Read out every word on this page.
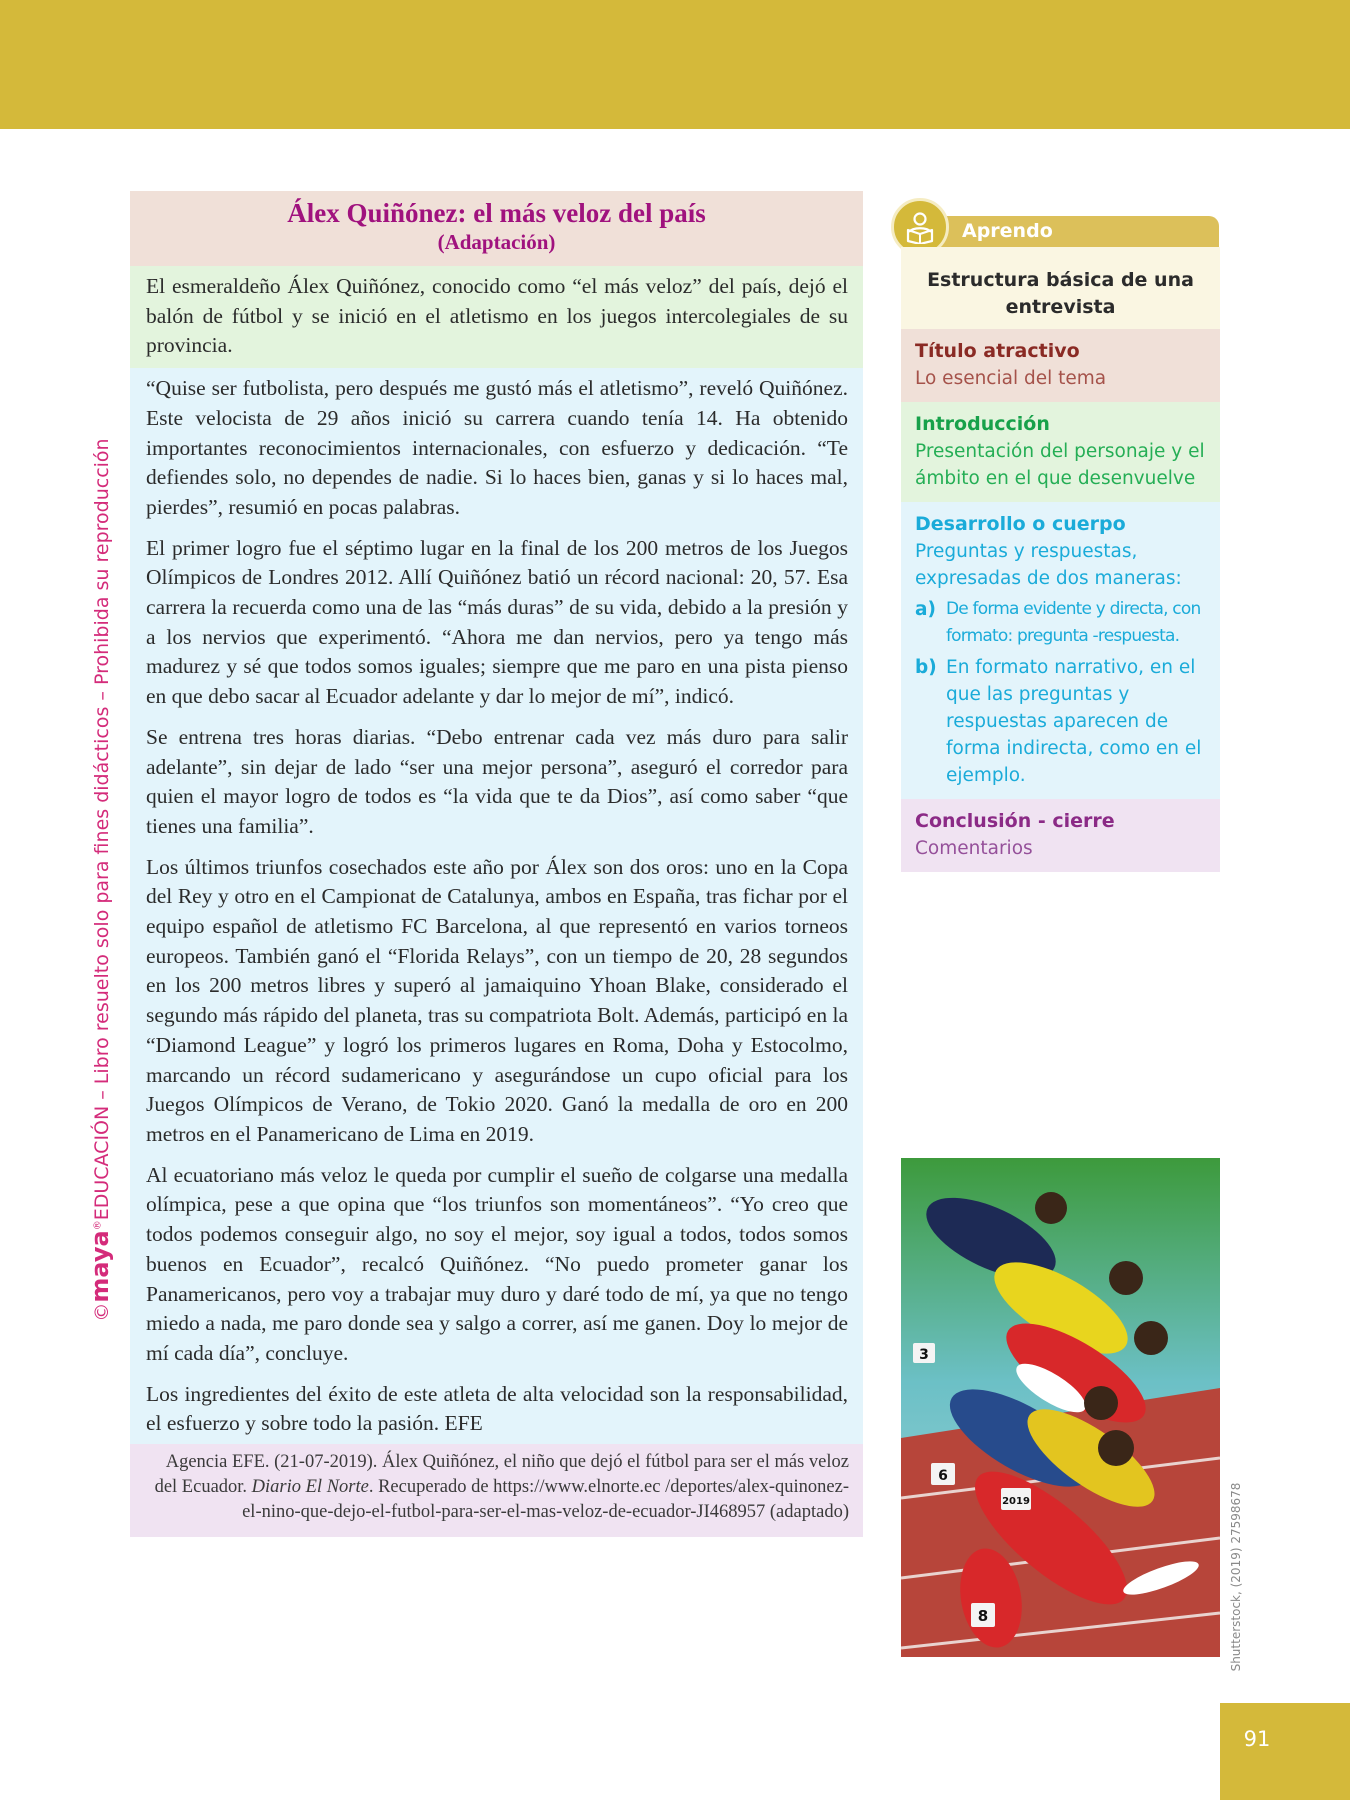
©maya®EDUCACIÓN – Libro resuelto solo para fines didácticos – Prohibida su reproducción
Álex Quiñónez: el más veloz del país
(Adaptación)

El esmeraldeño Álex Quiñónez, conocido como “el más veloz” del país, dejó el balón de fútbol y se inició en el atletismo en los juegos intercolegiales de su provincia.

“Quise ser futbolista, pero después me gustó más el atletismo”, reveló Quiñónez. Este velocista de 29 años inició su carrera cuando tenía 14. Ha obtenido importantes reconocimientos internacionales, con esfuerzo y dedicación. “Te defiendes solo, no dependes de nadie. Si lo haces bien, ganas y si lo haces mal, pierdes”, resumió en pocas palabras.

El primer logro fue el séptimo lugar en la final de los 200 metros de los Juegos Olímpicos de Londres 2012. Allí Quiñónez batió un récord nacional: 20, 57. Esa carrera la recuerda como una de las “más duras” de su vida, debido a la presión y a los nervios que experimentó. “Ahora me dan nervios, pero ya tengo más madurez y sé que todos somos iguales; siempre que me paro en una pista pienso en que debo sacar al Ecuador adelante y dar lo mejor de mí”, indicó.

Se entrena tres horas diarias. “Debo entrenar cada vez más duro para salir adelante”, sin dejar de lado “ser una mejor persona”, aseguró el corredor para quien el mayor logro de todos es “la vida que te da Dios”, así como saber “que tienes una familia”.

Los últimos triunfos cosechados este año por Álex son dos oros: uno en la Copa del Rey y otro en el Campionat de Catalunya, ambos en España, tras fichar por el equipo español de atletismo FC Barcelona, al que representó en varios torneos europeos. También ganó el “Florida Relays”, con un tiempo de 20, 28 segundos en los 200 metros libres y superó al jamaiquino Yhoan Blake, considerado el segundo más rápido del planeta, tras su compatriota Bolt. Además, participó en la “Diamond League” y logró los primeros lugares en Roma, Doha y Estocolmo, marcando un récord sudamericano y asegurándose un cupo oficial para los Juegos Olímpicos de Verano, de Tokio 2020. Ganó la medalla de oro en 200 metros en el Panamericano de Lima en 2019.

Al ecuatoriano más veloz le queda por cumplir el sueño de colgarse una medalla olímpica, pese a que opina que “los triunfos son momentáneos”. “Yo creo que todos podemos conseguir algo, no soy el mejor, soy igual a todos, todos somos buenos en Ecuador”, recalcó Quiñónez. “No puedo prometer ganar los Panamericanos, pero voy a trabajar muy duro y daré todo de mí, ya que no tengo miedo a nada, me paro donde sea y salgo a correr, así me ganen. Doy lo mejor de mí cada día”, concluye.

Los ingredientes del éxito de este atleta de alta velocidad son la responsabilidad, el esfuerzo y sobre todo la pasión. EFE

Agencia EFE. (21-07-2019). Álex Quiñónez, el niño que dejó el fútbol para ser el más veloz del Ecuador. Diario El Norte. Recuperado de https://www.elnorte.ec /deportes/alex-quinonez-el-nino-que-dejo-el-futbol-para-ser-el-mas-veloz-de-ecuador-JI468957 (adaptado)
Aprendo
Estructura básica de una entrevista
Título atractivo
Lo esencial del tema
Introducción
Presentación del personaje y el ámbito en el que desenvuelve
Desarrollo o cuerpo
Preguntas y respuestas, expresadas de dos maneras:
a) De forma evidente y directa, con formato: pregunta -respuesta.
b) En formato narrativo, en el que las preguntas y respuestas aparecen de forma indirecta, como en el ejemplo.
Conclusión - cierre
Comentarios
3
6
2019
8	Shutterstock, (2019) 27598678
91
